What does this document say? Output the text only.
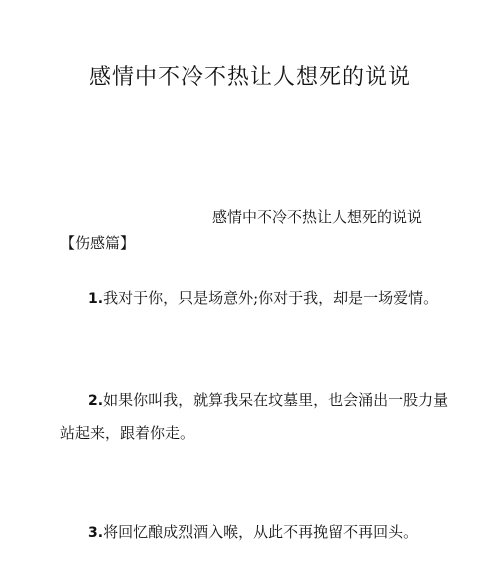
感情中不冷不热让人想死的说说

感情中不冷不热让人想死的说说【伤感篇】

1.我对于你，只是场意外;你对于我，却是一场爱情。

2.如果你叫我，就算我呆在坟墓里，也会涌出一股力量站起来，跟着你走。

3.将回忆酿成烈酒入喉，从此不再挽留不再回头。
